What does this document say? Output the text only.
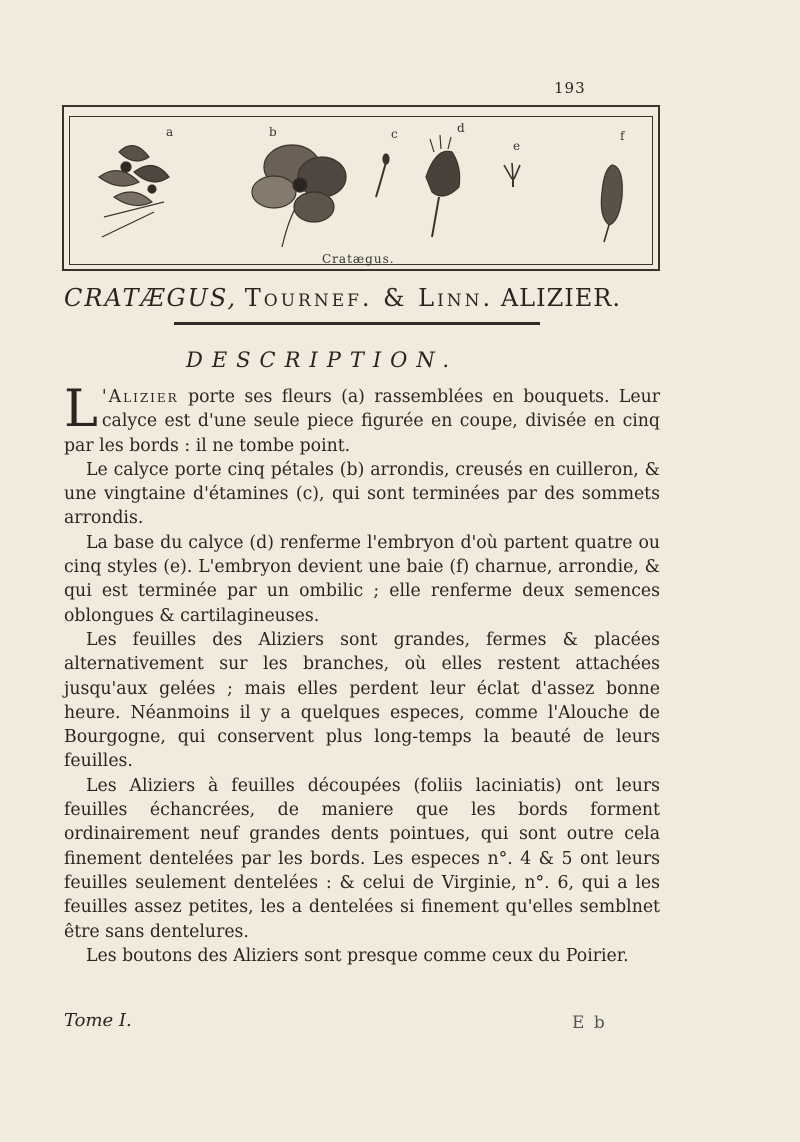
193
a	b	c	d
e
f
Cratægus.
CRATÆGUS, Tournef. & Linn. ALIZIER.
DESCRIPTION.

L 'Alizier porte ses fleurs (a) rassemblées en bouquets. Leur calyce est d'une seule piece figurée en coupe, divisée en cinq par les bords : il ne tombe point.

Le calyce porte cinq pétales (b) arrondis, creusés en cuilleron, & une vingtaine d'étamines (c), qui sont terminées par des sommets arrondis.

La base du calyce (d) renferme l'embryon d'où partent quatre ou cinq styles (e). L'embryon devient une baie (f) charnue, arrondie, & qui est terminée par un ombilic ; elle renferme deux semences oblongues & cartilagineuses.

Les feuilles des Aliziers sont grandes, fermes & placées alternativement sur les branches, où elles restent attachées jusqu'aux gelées ; mais elles perdent leur éclat d'assez bonne heure. Néanmoins il y a quelques especes, comme l'Alouche de Bourgogne, qui conservent plus long-temps la beauté de leurs feuilles.

Les Aliziers à feuilles découpées (foliis laciniatis) ont leurs feuilles échancrées, de maniere que les bords forment ordinairement neuf grandes dents pointues, qui sont outre cela finement dentelées par les bords. Les especes n°. 4 & 5 ont leurs feuilles seulement dentelées : & celui de Virginie, n°. 6, qui a les feuilles assez petites, les a dentelées si finement qu'elles semblnet être sans dentelures.

Les boutons des Aliziers sont presque comme ceux du Poirier.

Tome I.	E b
